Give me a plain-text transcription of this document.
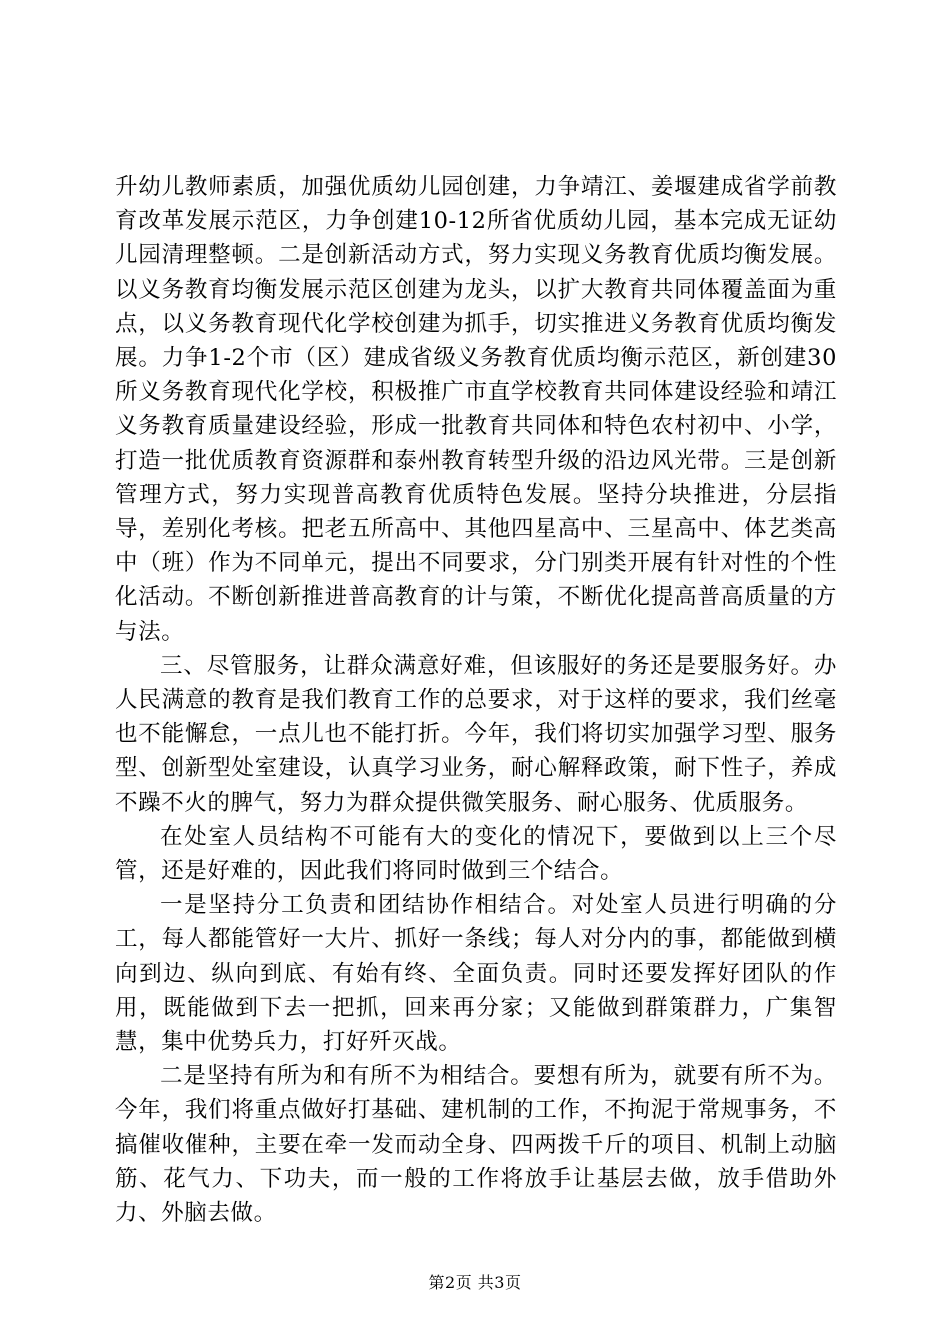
升幼儿教师素质，加强优质幼儿园创建，力争靖江、姜堰建成省学前教育改革发展示范区，力争创建10-12所省优质幼儿园，基本完成无证幼儿园清理整顿。二是创新活动方式，努力实现义务教育优质均衡发展。以义务教育均衡发展示范区创建为龙头，以扩大教育共同体覆盖面为重点，以义务教育现代化学校创建为抓手，切实推进义务教育优质均衡发展。力争1-2个市（区）建成省级义务教育优质均衡示范区，新创建30所义务教育现代化学校，积极推广市直学校教育共同体建设经验和靖江义务教育质量建设经验，形成一批教育共同体和特色农村初中、小学，打造一批优质教育资源群和泰州教育转型升级的沿边风光带。三是创新管理方式，努力实现普高教育优质特色发展。坚持分块推进，分层指导，差别化考核。把老五所高中、其他四星高中、三星高中、体艺类高中（班）作为不同单元，提出不同要求，分门别类开展有针对性的个性化活动。不断创新推进普高教育的计与策，不断优化提高普高质量的方与法。

三、尽管服务，让群众满意好难，但该服好的务还是要服务好。办人民满意的教育是我们教育工作的总要求，对于这样的要求，我们丝毫也不能懈怠，一点儿也不能打折。今年，我们将切实加强学习型、服务型、创新型处室建设，认真学习业务，耐心解释政策，耐下性子，养成不躁不火的脾气，努力为群众提供微笑服务、耐心服务、优质服务。

在处室人员结构不可能有大的变化的情况下，要做到以上三个尽管，还是好难的，因此我们将同时做到三个结合。

一是坚持分工负责和团结协作相结合。对处室人员进行明确的分工，每人都能管好一大片、抓好一条线；每人对分内的事，都能做到横向到边、纵向到底、有始有终、全面负责。同时还要发挥好团队的作用，既能做到下去一把抓，回来再分家；又能做到群策群力，广集智慧，集中优势兵力，打好歼灭战。

二是坚持有所为和有所不为相结合。要想有所为，就要有所不为。今年，我们将重点做好打基础、建机制的工作，不拘泥于常规事务，不搞催收催种，主要在牵一发而动全身、四两拨千斤的项目、机制上动脑筋、花气力、下功夫，而一般的工作将放手让基层去做，放手借助外力、外脑去做。

第2页 共3页
